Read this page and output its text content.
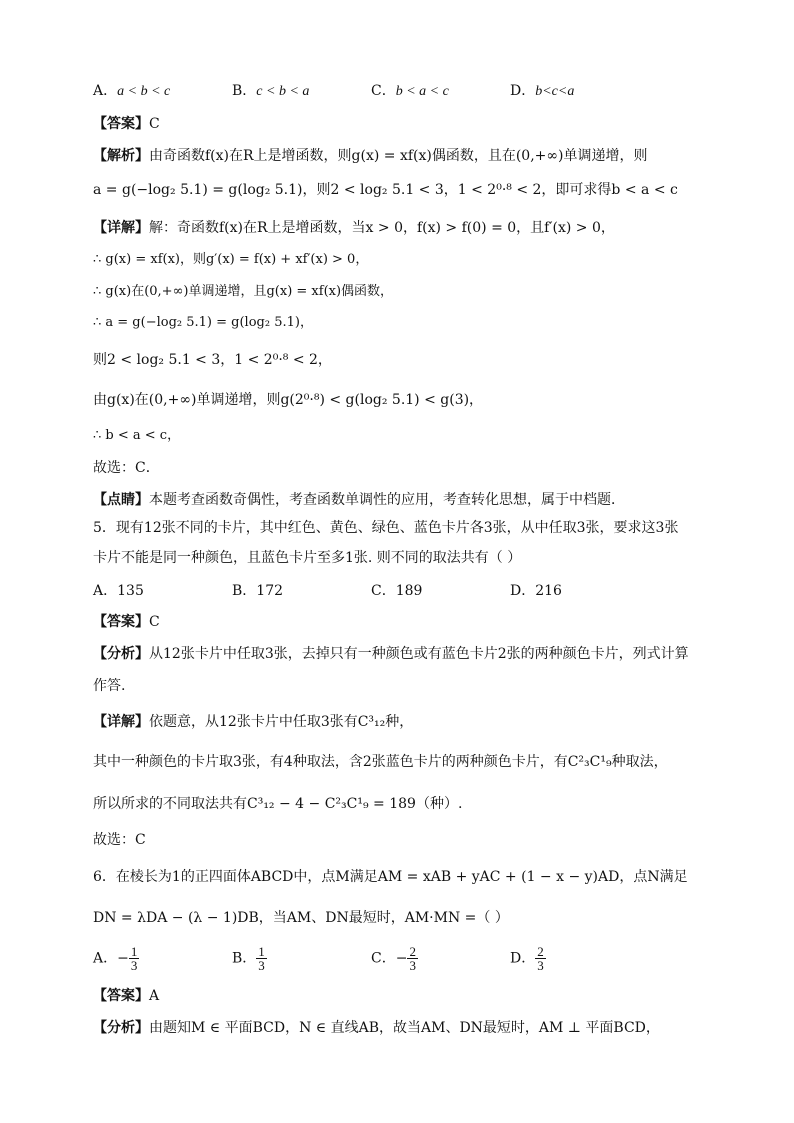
A．a < b < c	B．c < b < a	C．b < a < c	D．b<c<a
【答案】C
【解析】由奇函数f(x)在R上是增函数，则g(x) = xf(x)偶函数，且在(0,+∞)单调递增，则
a = g(−log₂ 5.1) = g(log₂ 5.1)，则2 < log₂ 5.1 < 3，1 < 2⁰·⁸ < 2，即可求得b < a < c
【详解】解：奇函数f(x)在R上是增函数，当x > 0，f(x) > f(0) = 0，且f′(x) > 0，
∴ g(x) = xf(x)，则g′(x) = f(x) + xf′(x) > 0，
∴ g(x)在(0,+∞)单调递增，且g(x) = xf(x)偶函数，
∴ a = g(−log₂ 5.1) = g(log₂ 5.1)，
则2 < log₂ 5.1 < 3，1 < 2⁰·⁸ < 2，
由g(x)在(0,+∞)单调递增，则g(2⁰·⁸) < g(log₂ 5.1) < g(3)，
∴ b < a < c，
故选：C．
【点睛】本题考查函数奇偶性，考查函数单调性的应用，考查转化思想，属于中档题．
5．现有12张不同的卡片，其中红色、黄色、绿色、蓝色卡片各3张，从中任取3张，要求这3张
卡片不能是同一种颜色，且蓝色卡片至多1张. 则不同的取法共有（ ）
A．135	B．172	C．189	D．216
【答案】C
【分析】从12张卡片中任取3张，去掉只有一种颜色或有蓝色卡片2张的两种颜色卡片，列式计算
作答.
【详解】依题意，从12张卡片中任取3张有C³₁₂种，
其中一种颜色的卡片取3张，有4种取法，含2张蓝色卡片的两种颜色卡片，有C²₃C¹₉种取法，
所以所求的不同取法共有C³₁₂ − 4 − C²₃C¹₉ = 189（种）.
故选：C
6．在棱长为1的正四面体ABCD中，点M满足AM = xAB + yAC + (1 − x − y)AD，点N满足
DN = λDA − (λ − 1)DB，当AM、DN最短时，AM·MN =（ ）
A．− $\frac{1}{3}$	B． $\frac{1}{3}$	C．− $\frac{2}{3}$	D． $\frac{2}{3}$
【答案】A
【分析】由题知M ∈ 平面BCD，N ∈ 直线AB，故当AM、DN最短时，AM ⊥ 平面BCD，
